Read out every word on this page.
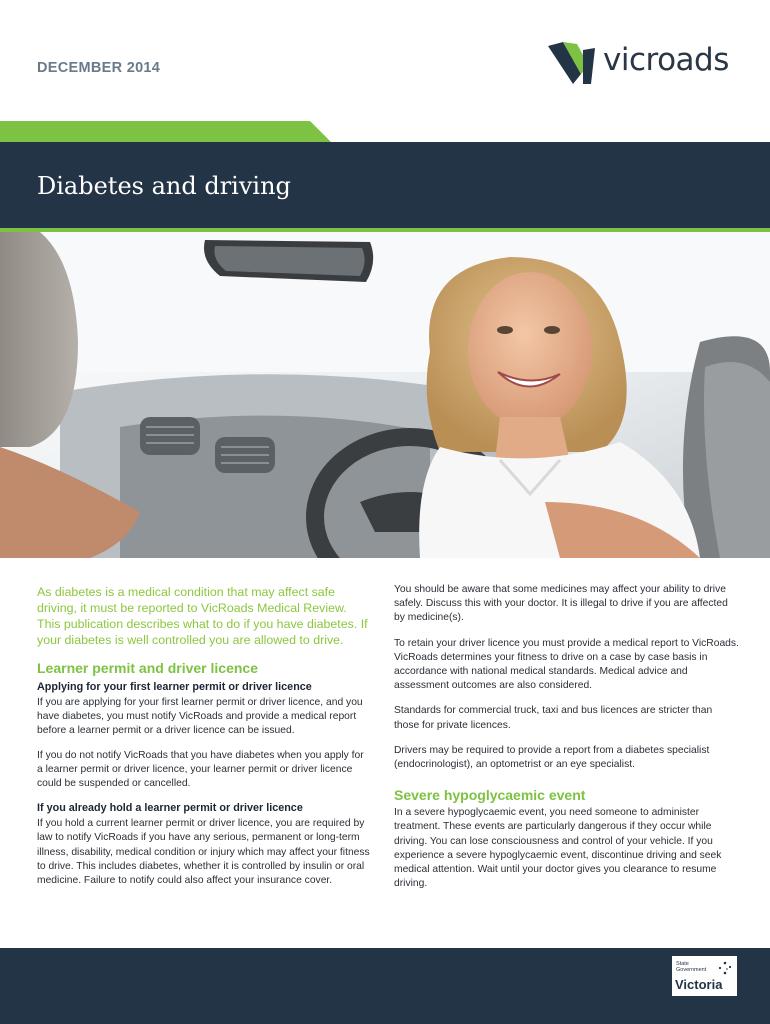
DECEMBER 2014	vicroads
Diabetes and driving
As diabetes is a medical condition that may affect safe driving, it must be reported to VicRoads Medical Review. This publication describes what to do if you have diabetes. If your diabetes is well controlled you are allowed to drive.
Learner permit and driver licence
Applying for your first learner permit or driver licence
If you are applying for your first learner permit or driver licence, and you have diabetes, you must notify VicRoads and provide a medical report before a learner permit or a driver licence can be issued.
If you do not notify VicRoads that you have diabetes when you apply for a learner permit or driver licence, your learner permit or driver licence could be suspended or cancelled.
If you already hold a learner permit or driver licence
If you hold a current learner permit or driver licence, you are required by law to notify VicRoads if you have any serious, permanent or long-term illness, disability, medical condition or injury which may affect your fitness to drive. This includes diabetes, whether it is controlled by insulin or oral medicine. Failure to notify could also affect your insurance cover.
You should be aware that some medicines may affect your ability to drive safely. Discuss this with your doctor. It is illegal to drive if you are affected by medicine(s).
To retain your driver licence you must provide a medical report to VicRoads. VicRoads determines your fitness to drive on a case by case basis in accordance with national medical standards. Medical advice and assessment outcomes are also considered.
Standards for commercial truck, taxi and bus licences are stricter than those for private licences.
Drivers may be required to provide a report from a diabetes specialist (endocrinologist), an optometrist or an eye specialist.
Severe hypoglycaemic event
In a severe hypoglycaemic event, you need someone to administer treatment. These events are particularly dangerous if they occur while driving. You can lose consciousness and control of your vehicle. If you experience a severe hypoglycaemic event, discontinue driving and seek medical attention. Wait until your doctor gives you clearance to resume driving.
State
Government
Victoria
